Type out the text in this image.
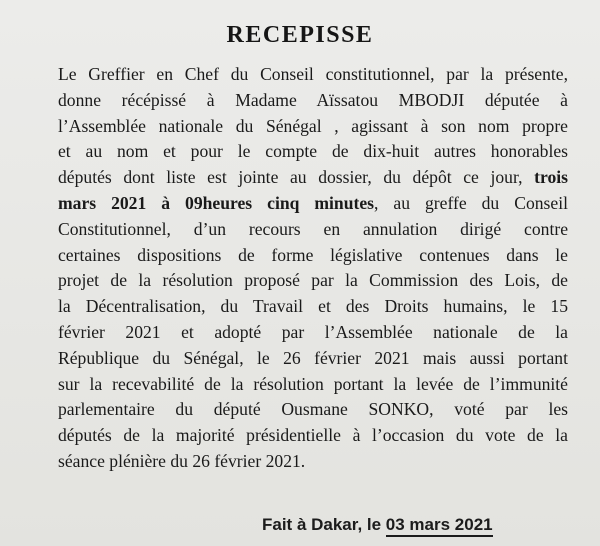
RECEPISSE
Le Greffier en Chef du Conseil constitutionnel, par la présente,
donne récépissé à Madame Aïssatou MBODJI députée à
l’Assemblée nationale du Sénégal , agissant à son nom propre
et au nom et pour le compte de dix-huit autres honorables
députés dont liste est jointe au dossier, du dépôt ce jour, trois
mars 2021 à 09heures cinq minutes, au greffe du Conseil
Constitutionnel, d’un recours en annulation dirigé contre
certaines dispositions de forme législative contenues dans le
projet de la résolution proposé par la Commission des Lois, de
la Décentralisation, du Travail et des Droits humains, le 15
février 2021 et adopté par l’Assemblée nationale de la
République du Sénégal, le 26 février 2021 mais aussi portant
sur la recevabilité de la résolution portant la levée de l’immunité
parlementaire du député Ousmane SONKO, voté par les
députés de la majorité présidentielle à l’occasion du vote de la
séance plénière du 26 février 2021.
Fait à Dakar, le 03 mars 2021
